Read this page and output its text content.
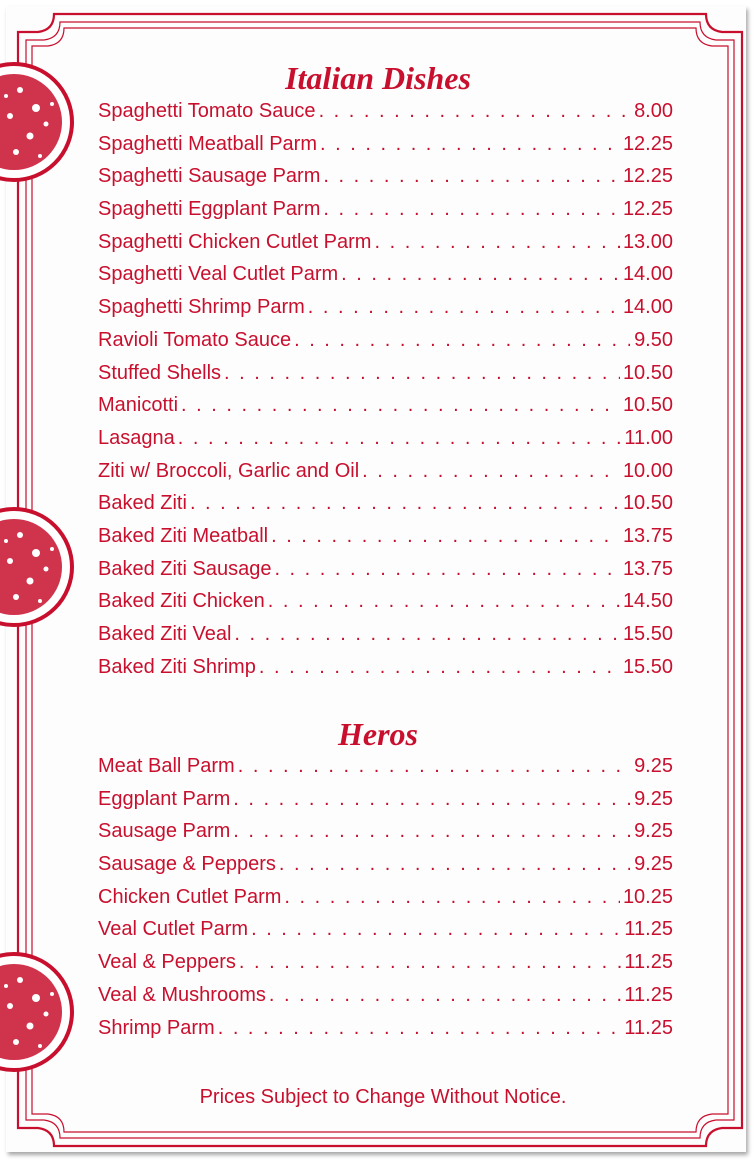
Italian Dishes
Spaghetti Tomato Sauce . . .	8.00
Spaghetti Meatball Parm . . .	12.25
Spaghetti Sausage Parm . . .	12.25
Spaghetti Eggplant Parm . . .	12.25
Spaghetti Chicken Cutlet Parm . . .	13.00
Spaghetti Veal Cutlet Parm . . .	14.00
Spaghetti Shrimp Parm . . .	14.00
Ravioli Tomato Sauce . . .	9.50
Stuffed Shells . . .	10.50
Manicotti . . .	10.50
Lasagna . . .	11.00
Ziti w/ Broccoli, Garlic and Oil . . .	10.00
Baked Ziti . . .	10.50
Baked Ziti Meatball . . .	13.75
Baked Ziti Sausage . . .	13.75
Baked Ziti Chicken . . .	14.50
Baked Ziti Veal . . .	15.50
Baked Ziti Shrimp . . .	15.50
Heros
Meat Ball Parm . . .	9.25
Eggplant Parm . . .	9.25
Sausage Parm . . .	9.25
Sausage & Peppers . . .	9.25
Chicken Cutlet Parm . . .	10.25
Veal Cutlet Parm . . .	11.25
Veal & Peppers . . .	11.25
Veal & Mushrooms . . .	11.25
Shrimp Parm . . .	11.25
Prices Subject to Change Without Notice.
